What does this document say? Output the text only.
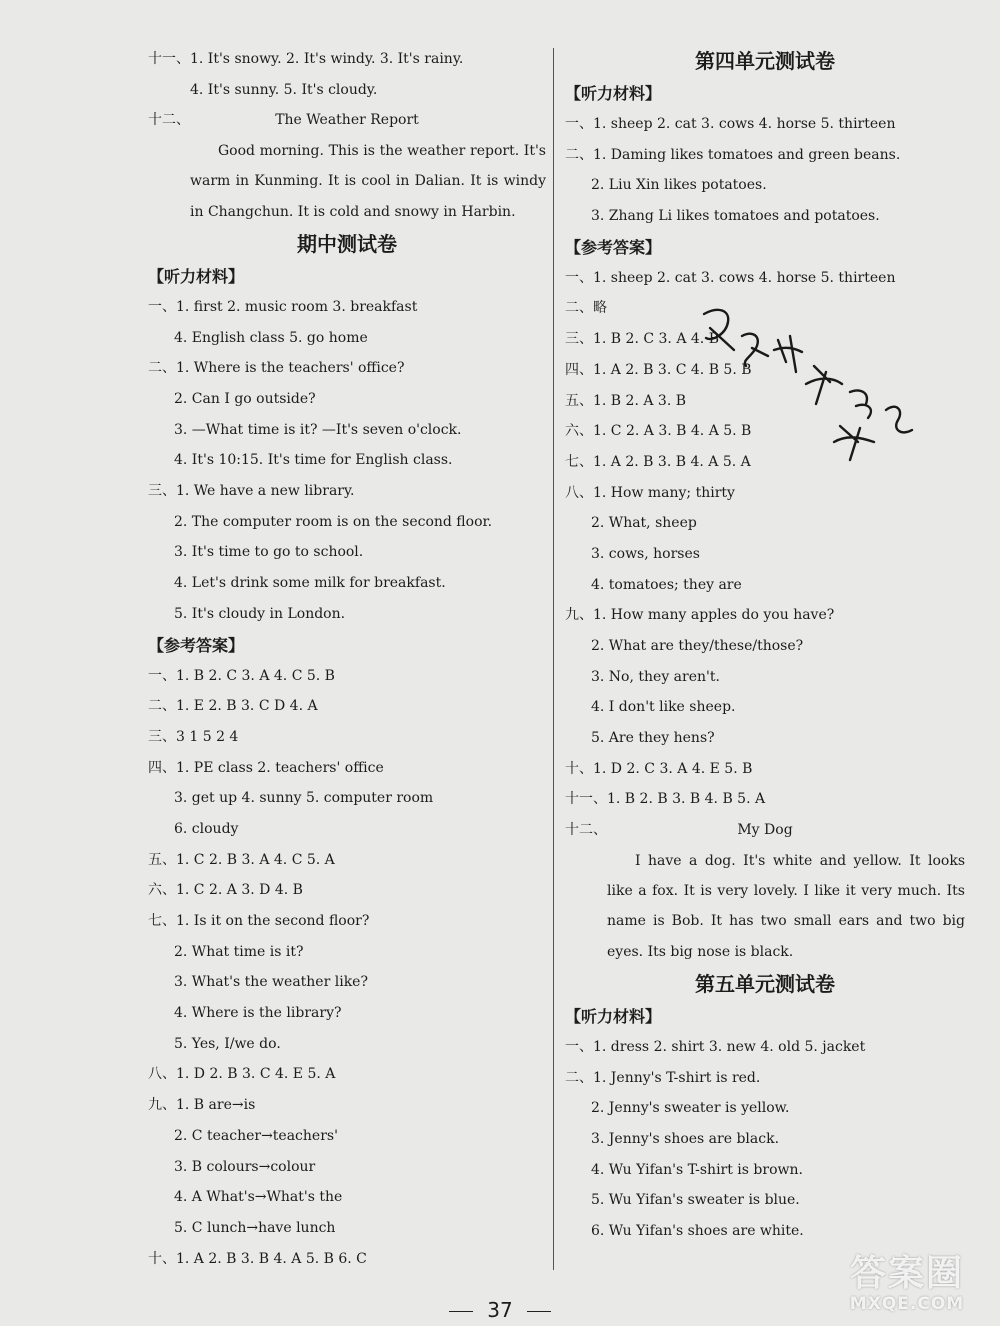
十一、1. It's snowy. 2. It's windy. 3. It's rainy.
4. It's sunny. 5. It's cloudy.
十二、	The Weather Report
Good morning. This is the weather report. It's warm in Kunming. It is cool in Dalian. It is windy in Changchun. It is cold and snowy in Harbin.
期中测试卷
【听力材料】
一、1. first 2. music room 3. breakfast
4. English class 5. go home
二、1. Where is the teachers' office?
2. Can I go outside?
3. —What time is it? —It's seven o'clock.
4. It's 10:15. It's time for English class.
三、1. We have a new library.
2. The computer room is on the second floor.
3. It's time to go to school.
4. Let's drink some milk for breakfast.
5. It's cloudy in London.
【参考答案】
一、1. B 2. C 3. A 4. C 5. B
二、1. E 2. B 3. C D 4. A
三、3 1 5 2 4
四、1. PE class 2. teachers' office
3. get up 4. sunny 5. computer room
6. cloudy
五、1. C 2. B 3. A 4. C 5. A
六、1. C 2. A 3. D 4. B
七、1. Is it on the second floor?
2. What time is it?
3. What's the weather like?
4. Where is the library?
5. Yes, I/we do.
八、1. D 2. B 3. C 4. E 5. A
九、1. B are→is
2. C teacher→teachers'
3. B colours→colour
4. A What's→What's the
5. C lunch→have lunch
十、1. A 2. B 3. B 4. A 5. B 6. C
第四单元测试卷
【听力材料】
一、1. sheep 2. cat 3. cows 4. horse 5. thirteen
二、1. Daming likes tomatoes and green beans.
2. Liu Xin likes potatoes.
3. Zhang Li likes tomatoes and potatoes.
【参考答案】
一、1. sheep 2. cat 3. cows 4. horse 5. thirteen
二、略
三、1. B 2. C 3. A 4. B
四、1. A 2. B 3. C 4. B 5. B
五、1. B 2. A 3. B
六、1. C 2. A 3. B 4. A 5. B
七、1. A 2. B 3. B 4. A 5. A
八、1. How many; thirty
2. What, sheep
3. cows, horses
4. tomatoes; they are
九、1. How many apples do you have?
2. What are they/these/those?
3. No, they aren't.
4. I don't like sheep.
5. Are they hens?
十、1. D 2. C 3. A 4. E 5. B
十一、1. B 2. B 3. B 4. B 5. A
十二、	My Dog
I have a dog. It's white and yellow. It looks like a fox. It is very lovely. I like it very much. Its name is Bob. It has two small ears and two big eyes. Its big nose is black.
第五单元测试卷
【听力材料】
一、1. dress 2. shirt 3. new 4. old 5. jacket
二、1. Jenny's T-shirt is red.
2. Jenny's sweater is yellow.
3. Jenny's shoes are black.
4. Wu Yifan's T-shirt is brown.
5. Wu Yifan's sweater is blue.
6. Wu Yifan's shoes are white.
37
答案圈
MXQE.COM
